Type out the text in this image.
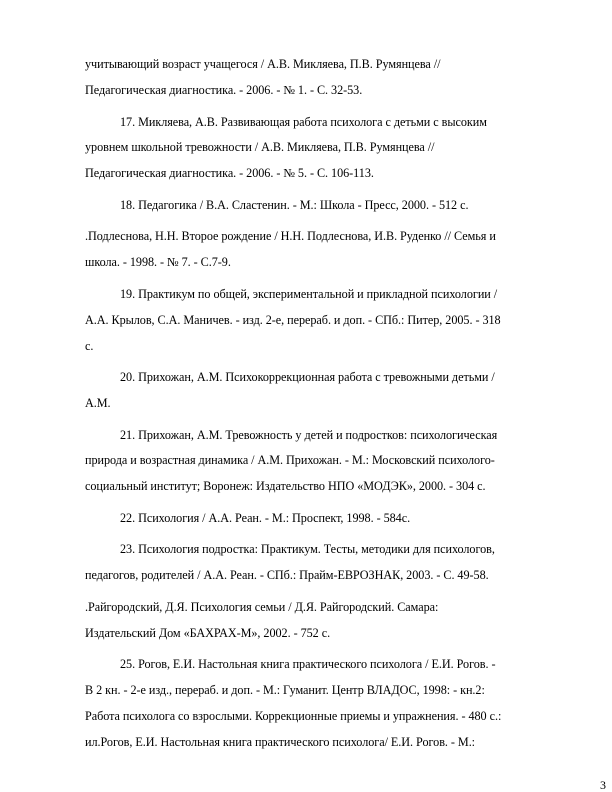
учитывающий возраст учащегося / А.В. Микляева, П.В. Румянцева //
Педагогическая диагностика. - 2006. - № 1. - С. 32-53.
17. Микляева, А.В. Развивающая работа психолога с детьми с высоким
уровнем школьной тревожности / А.В. Микляева, П.В. Румянцева //
Педагогическая диагностика. - 2006. - № 5. - С. 106-113.
18. Педагогика / В.А. Сластенин. - М.: Школа - Пресс, 2000. - 512 с.
.Подлеснова, Н.Н. Второе рождение / Н.Н. Подлеснова, И.В. Руденко // Семья и
школа. - 1998. - № 7. - С.7-9.
19. Практикум по общей, экспериментальной и прикладной психологии /
А.А. Крылов, С.А. Маничев. - изд. 2-е, перераб. и доп. - СПб.: Питер, 2005. - 318
с.
20. Прихожан, А.М. Психокоррекционная работа с тревожными детьми /
А.М.
21. Прихожан, А.М. Тревожность у детей и подростков: психологическая
природа и возрастная динамика / А.М. Прихожан. - М.: Московский психолого-
социальный институт; Воронеж: Издательство НПО «МОДЭК», 2000. - 304 с.
22. Психология / А.А. Реан. - М.: Проспект, 1998. - 584с.
23. Психология подростка: Практикум. Тесты, методики для психологов,
педагогов, родителей / А.А. Реан. - СПб.: Прайм-ЕВРОЗНАК, 2003. - С. 49-58.
.Райгородский, Д.Я. Психология семьи / Д.Я. Райгородский. Самара:
Издательский Дом «БАХРАХ-М», 2002. - 752 с.
25. Рогов, Е.И. Настольная книга практического психолога / Е.И. Рогов. -
В 2 кн. - 2-е изд., перераб. и доп. - М.: Гуманит. Центр ВЛАДОС, 1998: - кн.2:
Работа психолога со взрослыми. Коррекционные приемы и упражнения. - 480 с.:
ил.Рогов, Е.И. Настольная книга практического психолога/ Е.И. Рогов. - М.:
3
